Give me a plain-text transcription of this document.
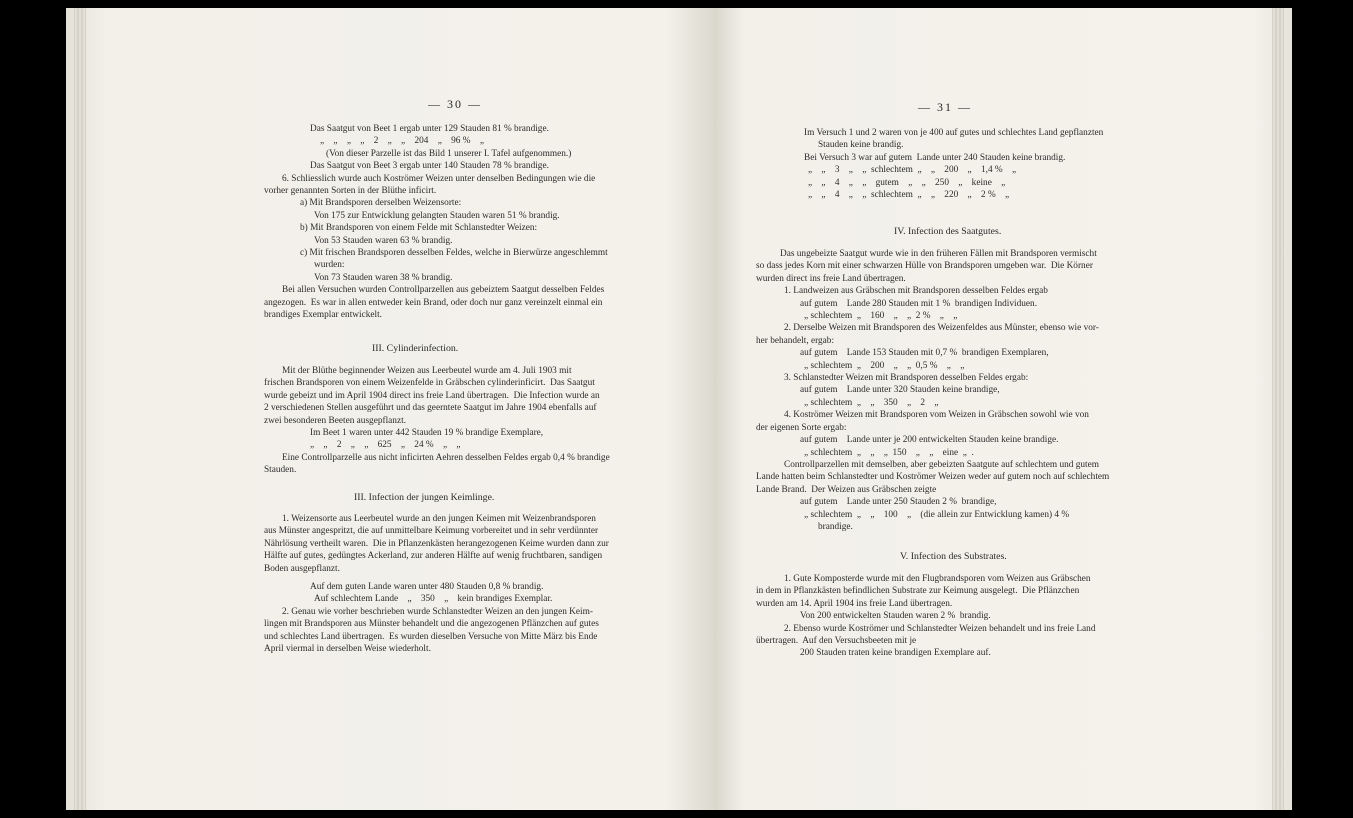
— 30 —
Das Saatgut von Beet 1 ergab unter 129 Stauden 81 % brandige.
„    „    „    „    2    „    „    204    „    96 %    „
(Von dieser Parzelle ist das Bild 1 unserer I. Tafel aufgenommen.)
Das Saatgut von Beet 3 ergab unter 140 Stauden 78 % brandige.
6. Schliesslich wurde auch Koströmer Weizen unter denselben Bedingungen wie die
vorher genannten Sorten in der Blüthe inficirt.
a) Mit Brandsporen derselben Weizensorte:
Von 175 zur Entwicklung gelangten Stauden waren 51 % brandig.
b) Mit Brandsporen von einem Felde mit Schlanstedter Weizen:
Von 53 Stauden waren 63 % brandig.
c) Mit frischen Brandsporen desselben Feldes, welche in Bierwürze angeschlemmt
wurden:
Von 73 Stauden waren 38 % brandig.
Bei allen Versuchen wurden Controllparzellen aus gebeiztem Saatgut desselben Feldes
angezogen.  Es war in allen entweder kein Brand, oder doch nur ganz vereinzelt einmal ein
brandiges Exemplar entwickelt.
III. Cylinderinfection.
Mit der Blüthe beginnender Weizen aus Leerbeutel wurde am 4. Juli 1903 mit
frischen Brandsporen von einem Weizenfelde in Gräbschen cylinderinficirt.  Das Saatgut
wurde gebeizt und im April 1904 direct ins freie Land übertragen.  Die Infection wurde an
2 verschiedenen Stellen ausgeführt und das geerntete Saatgut im Jahre 1904 ebenfalls auf
zwei besonderen Beeten ausgepflanzt.
Im Beet 1 waren unter 442 Stauden 19 % brandige Exemplare,
„    „    2    „    „    625    „    24 %    „    „
Eine Controllparzelle aus nicht inficirten Aehren desselben Feldes ergab 0,4 % brandige
Stauden.
III. Infection der jungen Keimlinge.
1. Weizensorte aus Leerbeutel wurde an den jungen Keimen mit Weizenbrandsporen
aus Münster angespritzt, die auf unmittelbare Keimung vorbereitet und in sehr verdünnter
Nährlösung vertheilt waren.  Die in Pflanzenkästen herangezogenen Keime wurden dann zur
Hälfte auf gutes, gedüngtes Ackerland, zur anderen Hälfte auf wenig fruchtbaren, sandigen
Boden ausgepflanzt.
Auf dem guten Lande waren unter 480 Stauden 0,8 % brandig.
Auf schlechtem Lande    „    350    „    kein brandiges Exemplar.
2. Genau wie vorher beschrieben wurde Schlanstedter Weizen an den jungen Keim-
lingen mit Brandsporen aus Münster behandelt und die angezogenen Pflänzchen auf gutes
und schlechtes Land übertragen.  Es wurden dieselben Versuche von Mitte März bis Ende
April viermal in derselben Weise wiederholt.
— 31 —
Im Versuch 1 und 2 waren von je 400 auf gutes und schlechtes Land gepflanzten
Stauden keine brandig.
Bei Versuch 3 war auf gutem  Lande unter 240 Stauden keine brandig.
„    „    3    „    „  schlechtem  „    „    200    „    1,4 %    „
„    „    4    „    „    gutem    „    „    250    „    keine    „
„    „    4    „    „  schlechtem  „    „    220    „    2 %    „
IV. Infection des Saatgutes.
Das ungebeizte Saatgut wurde wie in den früheren Fällen mit Brandsporen vermischt
so dass jedes Korn mit einer schwarzen Hülle von Brandsporen umgeben war.  Die Körner
wurden direct ins freie Land übertragen.
1. Landweizen aus Gräbschen mit Brandsporen desselben Feldes ergab
auf gutem    Lande 280 Stauden mit 1 %  brandigen Individuen.
„ schlechtem  „    160    „    „  2 %    „    „
2. Derselbe Weizen mit Brandsporen des Weizenfeldes aus Münster, ebenso wie vor-
her behandelt, ergab:
auf gutem    Lande 153 Stauden mit 0,7 %  brandigen Exemplaren,
„ schlechtem  „    200    „    „  0,5 %    „    „
3. Schlanstedter Weizen mit Brandsporen desselben Feldes ergab:
auf gutem    Lande unter 320 Stauden keine brandige,
„ schlechtem  „    „    350    „    2    „
4. Koströmer Weizen mit Brandsporen vom Weizen in Gräbschen sowohl wie von
der eigenen Sorte ergab:
auf gutem    Lande unter je 200 entwickelten Stauden keine brandige.
„ schlechtem  „    „    „  150    „    „    eine  „  .
Controllparzellen mit demselben, aber gebeizten Saatgute auf schlechtem und gutem
Lande hatten beim Schlanstedter und Koströmer Weizen weder auf gutem noch auf schlechtem
Lande Brand.  Der Weizen aus Gräbschen zeigte
auf gutem    Lande unter 250 Stauden 2 %  brandige,
„ schlechtem  „    „    100    „    (die allein zur Entwicklung kamen) 4 %
brandige.
V. Infection des Substrates.
1. Gute Komposterde wurde mit den Flugbrandsporen vom Weizen aus Gräbschen
in dem in Pflanzkästen befindlichen Substrate zur Keimung ausgelegt.  Die Pflänzchen
wurden am 14. April 1904 ins freie Land übertragen.
Von 200 entwickelten Stauden waren 2 %  brandig.
2. Ebenso wurde Koströmer und Schlanstedter Weizen behandelt und ins freie Land
übertragen.  Auf den Versuchsbeeten mit je
200 Stauden traten keine brandigen Exemplare auf.
